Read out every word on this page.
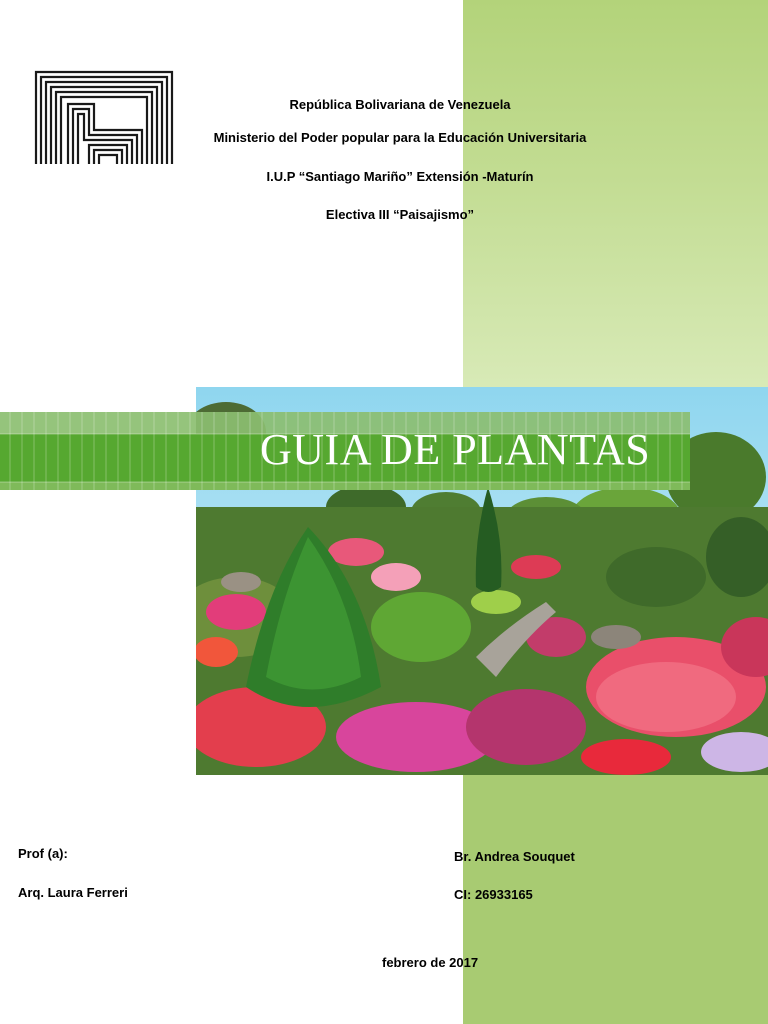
República Bolivariana de Venezuela
Ministerio del Poder popular para la Educación Universitaria
I.U.P “Santiago Mariño” Extensión -Maturín
Electiva III “Paisajismo”
GUIA DE PLANTAS
Prof (a):
Arq. Laura Ferreri
Br. Andrea Souquet
CI: 26933165
febrero de 2017
